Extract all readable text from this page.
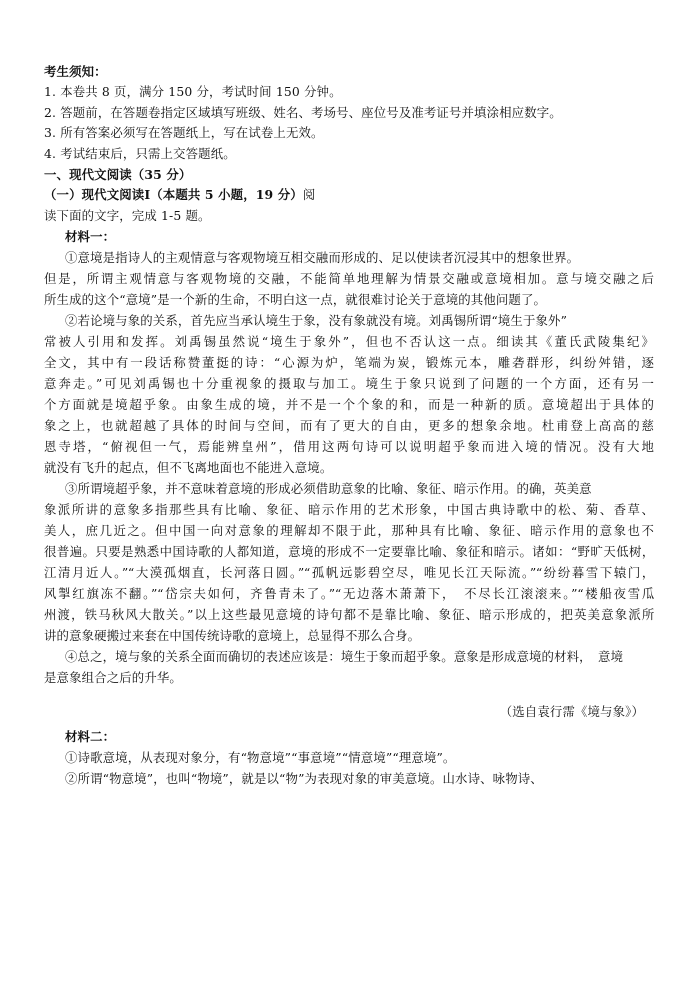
考生须知：
1. 本卷共 8 页，满分 150 分，考试时间 150 分钟。
2. 答题前，在答题卷指定区域填写班级、姓名、考场号、座位号及准考证号并填涂相应数字。
3. 所有答案必须写在答题纸上，写在试卷上无效。
4. 考试结束后，只需上交答题纸。
一、现代文阅读（35 分）
（一）现代文阅读Ⅰ（本题共 5 小题，19 分）阅
读下面的文字，完成 1-5 题。
材料一：
①意境是指诗人的主观情意与客观物境互相交融而形成的、足以使读者沉浸其中的想象世界。
但是，所谓主观情意与客观物境的交融，不能简单地理解为情景交融或意境相加。意与境交融之后
所生成的这个“意境”是一个新的生命，不明白这一点，就很难讨论关于意境的其他问题了。
②若论境与象的关系，首先应当承认境生于象，没有象就没有境。刘禹锡所谓“境生于象外”
常被人引用和发挥。刘禹锡虽然说“境生于象外”，但也不否认这一点。细读其《董氏武陵集纪》
全文，其中有一段话称赞董挺的诗：“心源为炉，笔端为炭，锻炼元本，雕砻群形，纠纷舛错，逐
意奔走。”可见刘禹锡也十分重视象的摄取与加工。境生于象只说到了问题的一个方面，还有另一
个方面就是境超乎象。由象生成的境，并不是一个个象的和，而是一种新的质。意境超出于具体的
象之上，也就超越了具体的时间与空间，而有了更大的自由，更多的想象余地。杜甫登上高高的慈
恩寺塔，“俯视但一气，焉能辨皇州”，借用这两句诗可以说明超乎象而进入境的情况。没有大地
就没有飞升的起点，但不飞离地面也不能进入意境。
③所谓境超乎象，并不意味着意境的形成必须借助意象的比喻、象征、暗示作用。的确，英美意
象派所讲的意象多指那些具有比喻、象征、暗示作用的艺术形象，中国古典诗歌中的松、菊、香草、
美人，庶几近之。但中国一向对意象的理解却不限于此，那种具有比喻、象征、暗示作用的意象也不
很普遍。只要是熟悉中国诗歌的人都知道，意境的形成不一定要靠比喻、象征和暗示。诸如：“野旷天低树，
江清月近人。”“大漠孤烟直，长河落日圆。”“孤帆远影碧空尽，唯见长江天际流。”“纷纷暮雪下辕门，
风掣红旗冻不翻。”“岱宗夫如何，齐鲁青未了。”“无边落木萧萧下，　不尽长江滚滚来。”“楼船夜雪瓜
州渡，铁马秋风大散关。”以上这些最见意境的诗句都不是靠比喻、象征、暗示形成的，把英美意象派所
讲的意象硬搬过来套在中国传统诗歌的意境上，总显得不那么合身。
④总之，境与象的关系全面而确切的表述应该是：境生于象而超乎象。意象是形成意境的材料，　意境
是意象组合之后的升华。
（选自袁行霈《境与象》）
材料二：
①诗歌意境，从表现对象分，有“物意境”“事意境”“情意境”“理意境”。
②所谓“物意境”，也叫“物境”，就是以“物”为表现对象的审美意境。山水诗、咏物诗、
